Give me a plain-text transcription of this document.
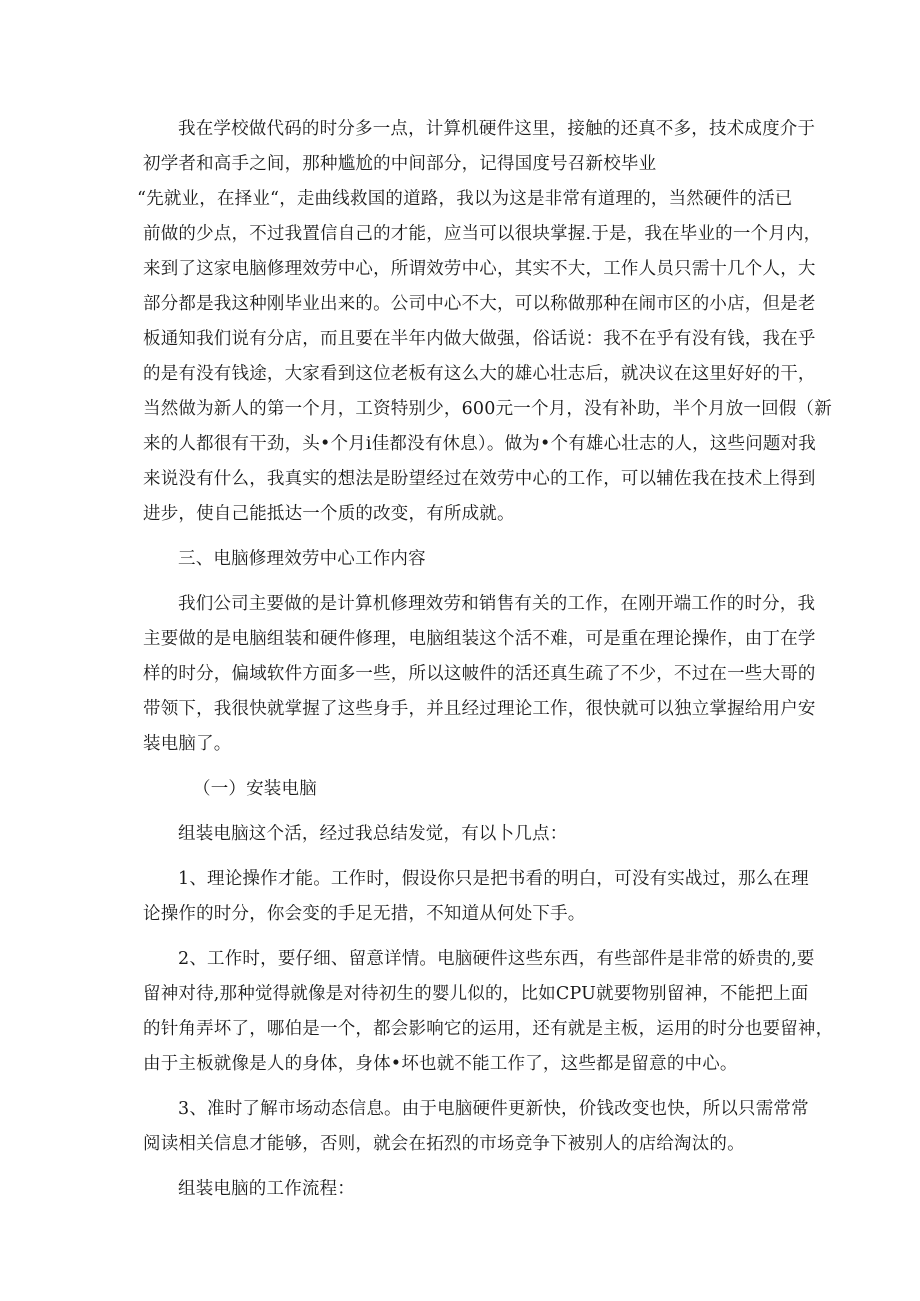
我在学校做代码的时分多一点，计算机硬件这里，接触的还真不多，技术成度介于
初学者和高手之间，那种尴尬的中间部分，记得国度号召新校毕业
“先就业，在择业“，走曲线救国的道路，我以为这是非常有道理的，当然硬件的活已
前做的少点，不过我置信自己的才能，应当可以很块掌握.于是，我在毕业的一个月内，
来到了这家电脑修理效劳中心，所谓效劳中心，其实不大，工作人员只需十几个人，大
部分都是我这种刚毕业出来的。公司中心不大，可以称做那种在闹市区的小店，但是老
板通知我们说有分店，而且要在半年内做大做强，俗话说：我不在乎有没有钱，我在乎
的是有没有钱途，大家看到这位老板有这么大的雄心壮志后，就决议在这里好好的干，
当然做为新人的第一个月，工资特别少，600元一个月，没有补助，半个月放一回假（新
来的人都很有干劲，头•个月i佳都没有休息）。做为•个有雄心壮志的人，这些问题对我
来说没有什么，我真实的想法是盼望经过在效劳中心的工作，可以辅佐我在技术上得到
进步，使自己能抵达一个质的改变，有所成就。
三、电脑修理效劳中心工作内容
我们公司主要做的是计算机修理效劳和销售有关的工作，在刚开端工作的时分，我
主要做的是电脑组装和硬件修理，电脑组装这个活不难，可是重在理论操作，由丁在学
样的时分，偏域软件方面多一些，所以这帔件的活还真生疏了不少，不过在一些大哥的
带领下，我很快就掌握了这些身手，并且经过理论工作，很快就可以独立掌握给用户安
装电脑了。
（一）安装电脑
组装电脑这个活，经过我总结发觉，有以卜几点：
1、理论操作才能。工作时，假设你只是把书看的明白，可没有实战过，那么在理
论操作的时分，你会变的手足无措，不知道从何处下手。
2、工作时，要仔细、留意详情。电脑硬件这些东西，有些部件是非常的娇贵的,要
留神对待,那种觉得就像是对待初生的婴儿似的，比如CPU就要物别留神，不能把上面
的针角弄坏了，哪伯是一个，都会影响它的运用，还有就是主板，运用的时分也要留神，
由于主板就像是人的身体，身体•坏也就不能工作了，这些都是留意的中心。
3、准时了解市场动态信息。由于电脑硬件更新快，价钱改变也快，所以只需常常
阅读相关信息才能够，否则，就会在拓烈的市场竞争下被别人的店给淘汰的。
组装电脑的工作流程：
